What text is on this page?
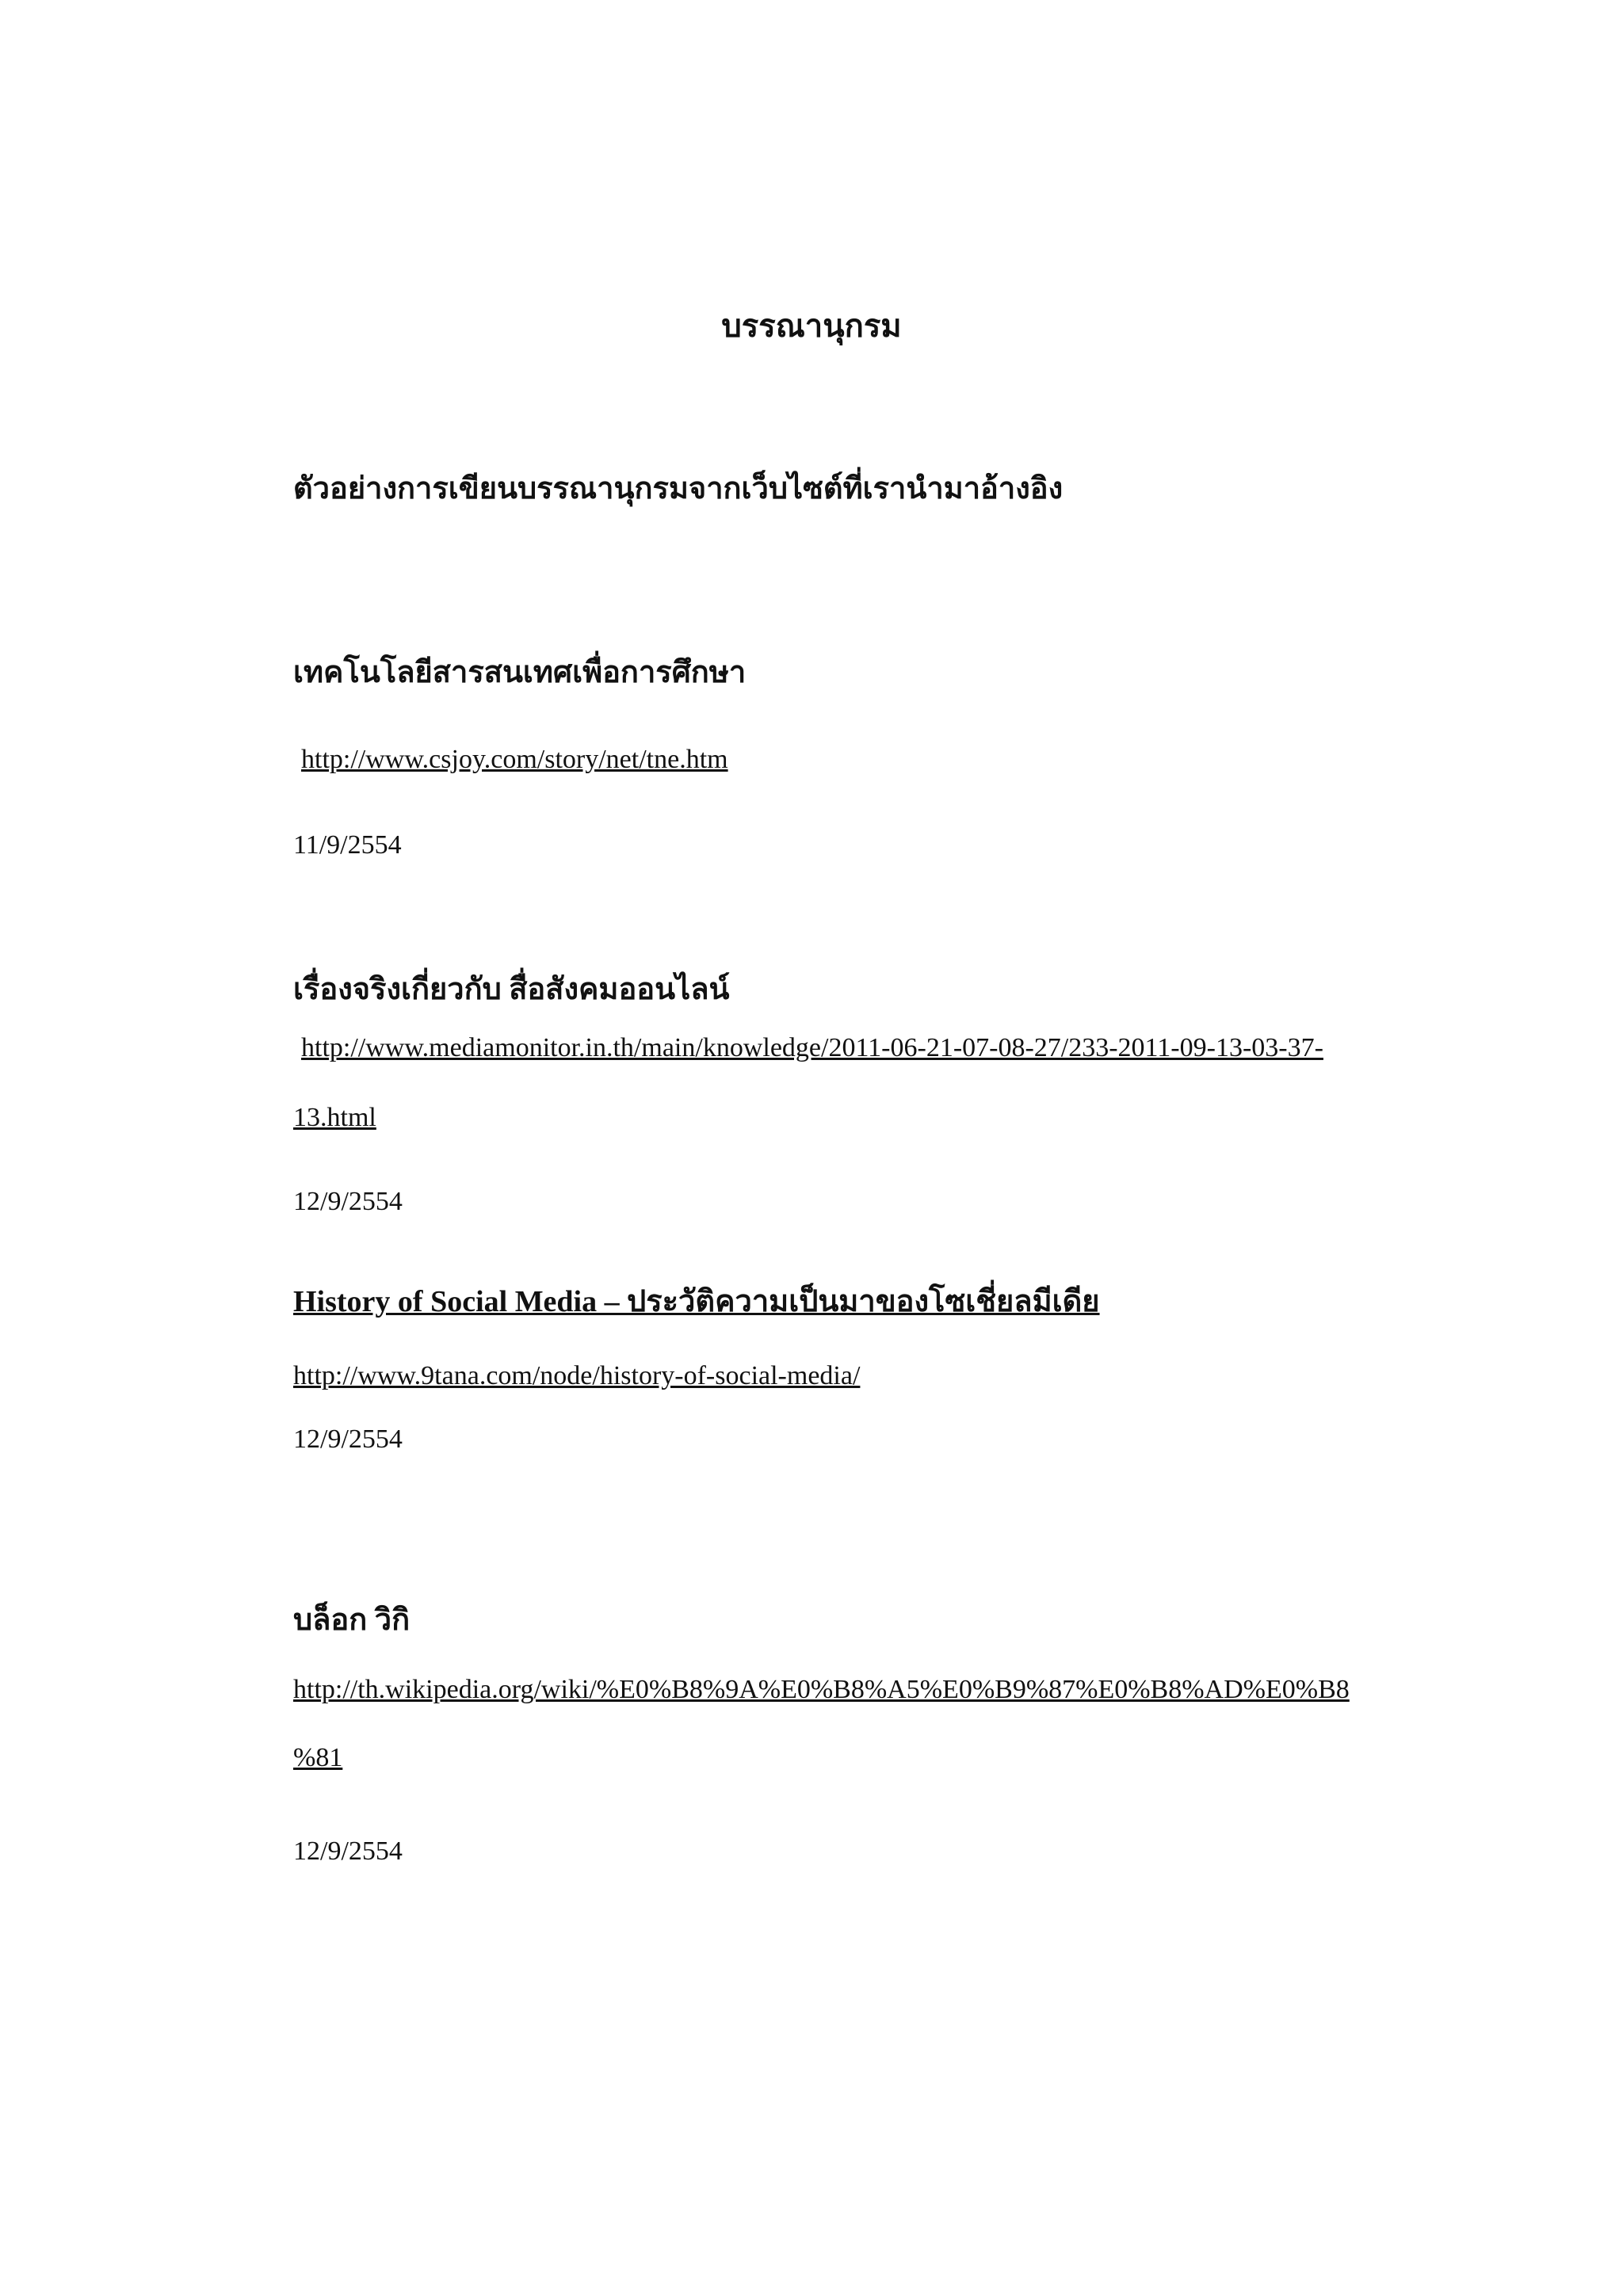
บรรณานุกรม
ตัวอย่างการเขียนบรรณานุกรมจากเว็บไซต์ที่เรานำมาอ้างอิง
เทคโนโลยีสารสนเทศเพื่อการศึกษา
http://www.csjoy.com/story/net/tne.htm
11/9/2554
เรื่องจริงเกี่ยวกับ สื่อสังคมออนไลน์
http://www.mediamonitor.in.th/main/knowledge/2011-06-21-07-08-27/233-2011-09-13-03-37-
13.html
12/9/2554
History of Social Media – ประวัติความเป็นมาของโซเชี่ยลมีเดีย
http://www.9tana.com/node/history-of-social-media/
12/9/2554
บล็อก วิกิ
http://th.wikipedia.org/wiki/%E0%B8%9A%E0%B8%A5%E0%B9%87%E0%B8%AD%E0%B8
%81
12/9/2554
